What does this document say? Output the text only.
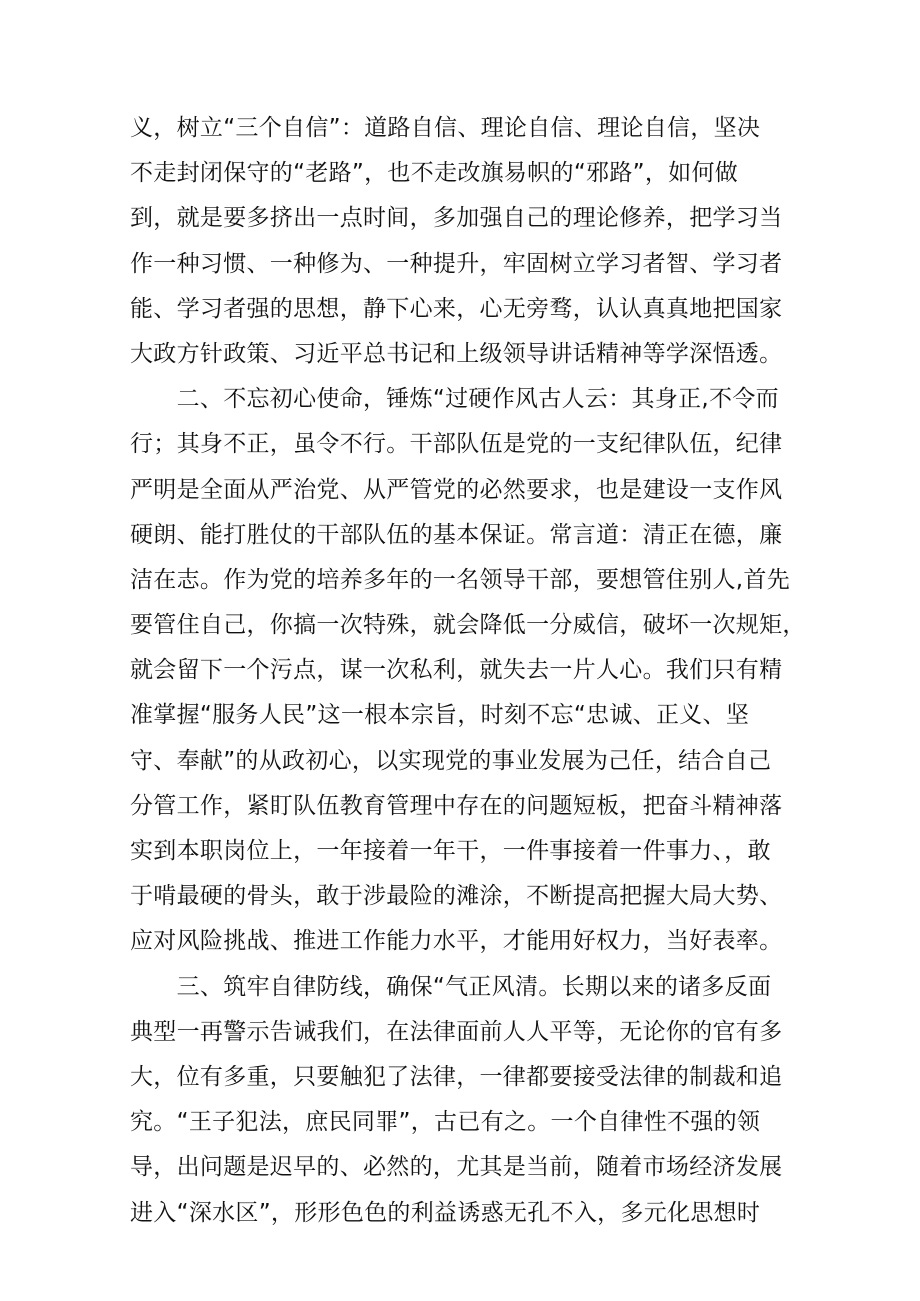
义，树立“三个自信”：道路自信、理论自信、理论自信，坚决
不走封闭保守的“老路”，也不走改旗易帜的“邪路”，如何做
到，就是要多挤出一点时间，多加强自己的理论修养，把学习当
作一种习惯、一种修为、一种提升，牢固树立学习者智、学习者
能、学习者强的思想，静下心来，心无旁骛，认认真真地把国家
大政方针政策、习近平总书记和上级领导讲话精神等学深悟透。
　　二、不忘初心使命，锤炼“过硬作风古人云：其身正,不令而
行；其身不正，虽令不行。干部队伍是党的一支纪律队伍，纪律
严明是全面从严治党、从严管党的必然要求，也是建设一支作风
硬朗、能打胜仗的干部队伍的基本保证。常言道：清正在德，廉
洁在志。作为党的培养多年的一名领导干部，要想管住别人,首先
要管住自己，你搞一次特殊，就会降低一分威信，破坏一次规矩，
就会留下一个污点，谋一次私利，就失去一片人心。我们只有精
准掌握“服务人民”这一根本宗旨，时刻不忘“忠诚、正义、坚
守、奉献”的从政初心，以实现党的事业发展为己任，结合自己
分管工作，紧盯队伍教育管理中存在的问题短板，把奋斗精神落
实到本职岗位上，一年接着一年干，一件事接着一件事力、，敢
于啃最硬的骨头，敢于涉最险的滩涂，不断提高把握大局大势、
应对风险挑战、推进工作能力水平，才能用好权力，当好表率。
　　三、筑牢自律防线，确保“气正风清。长期以来的诸多反面
典型一再警示告诫我们，在法律面前人人平等，无论你的官有多
大，位有多重，只要触犯了法律，一律都要接受法律的制裁和追
究。“王子犯法，庶民同罪”，古已有之。一个自律性不强的领
导，出问题是迟早的、必然的，尤其是当前，随着市场经济发展
进入“深水区”，形形色色的利益诱惑无孔不入，多元化思想时
